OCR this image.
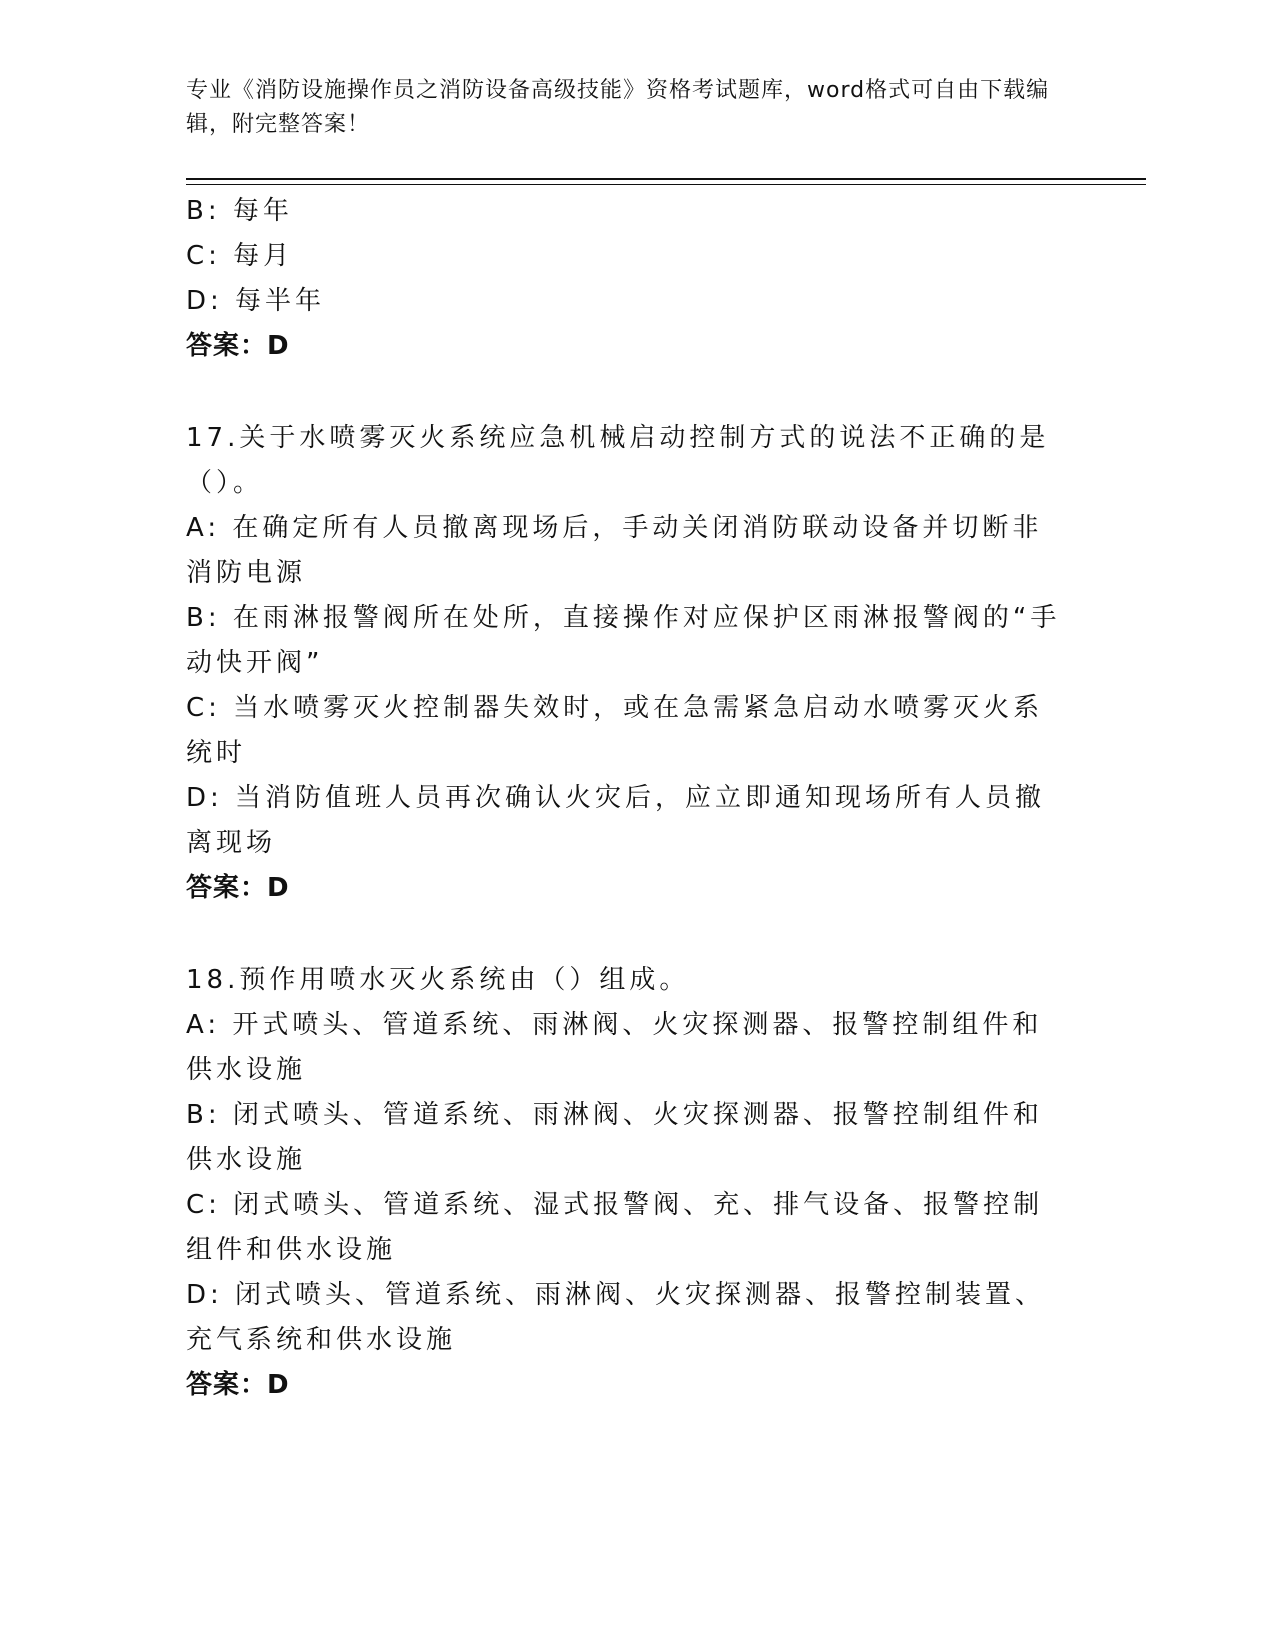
专业《消防设施操作员之消防设备高级技能》资格考试题库，word格式可自由下载编辑，附完整答案！

B: 每年

C: 每月

D: 每半年

答案：D

17.关于水喷雾灭火系统应急机械启动控制方式的说法不正确的是（）。

A: 在确定所有人员撤离现场后，手动关闭消防联动设备并切断非消防电源

B: 在雨淋报警阀所在处所，直接操作对应保护区雨淋报警阀的“手动快开阀”

C: 当水喷雾灭火控制器失效时，或在急需紧急启动水喷雾灭火系统时

D: 当消防值班人员再次确认火灾后，应立即通知现场所有人员撤离现场

答案：D

18.预作用喷水灭火系统由（）组成。

A: 开式喷头、管道系统、雨淋阀、火灾探测器、报警控制组件和供水设施

B: 闭式喷头、管道系统、雨淋阀、火灾探测器、报警控制组件和供水设施

C: 闭式喷头、管道系统、湿式报警阀、充、排气设备、报警控制组件和供水设施

D: 闭式喷头、管道系统、雨淋阀、火灾探测器、报警控制装置、充气系统和供水设施

答案：D
